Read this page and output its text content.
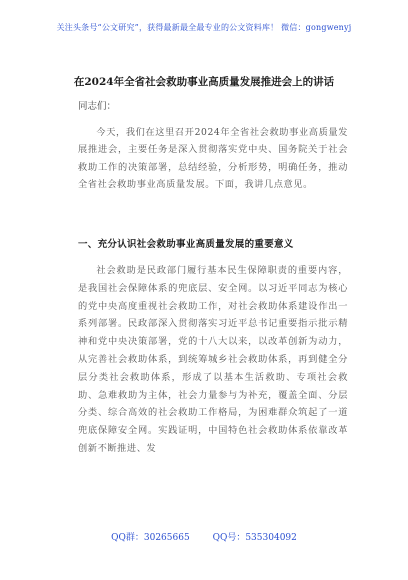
关注头条号“公文研究”，获得最新最全最专业的公文资料库！ 微信：gongwenyj
在2024年全省社会救助事业高质量发展推进会上的讲话
同志们：
今天，我们在这里召开2024年全省社会救助事业高质量发展推进会，主要任务是深入贯彻落实党中央、国务院关于社会救助工作的决策部署，总结经验，分析形势，明确任务，推动全省社会救助事业高质量发展。下面，我讲几点意见。
一、充分认识社会救助事业高质量发展的重要意义
社会救助是民政部门履行基本民生保障职责的重要内容，是我国社会保障体系的兜底层、安全网。以习近平同志为核心的党中央高度重视社会救助工作，对社会救助体系建设作出一系列部署。民政部深入贯彻落实习近平总书记重要指示批示精神和党中央决策部署，党的十八大以来，以改革创新为动力，从完善社会救助体系，到统筹城乡社会救助体系，再到健全分层分类社会救助体系，形成了以基本生活救助、专项社会救助、急难救助为主体，社会力量参与为补充，覆盖全面、分层分类、综合高效的社会救助工作格局，为困难群众筑起了一道兜底保障安全网。实践证明，中国特色社会救助体系依靠改革创新不断推进、发
QQ群：30265665	QQ号：535304092
